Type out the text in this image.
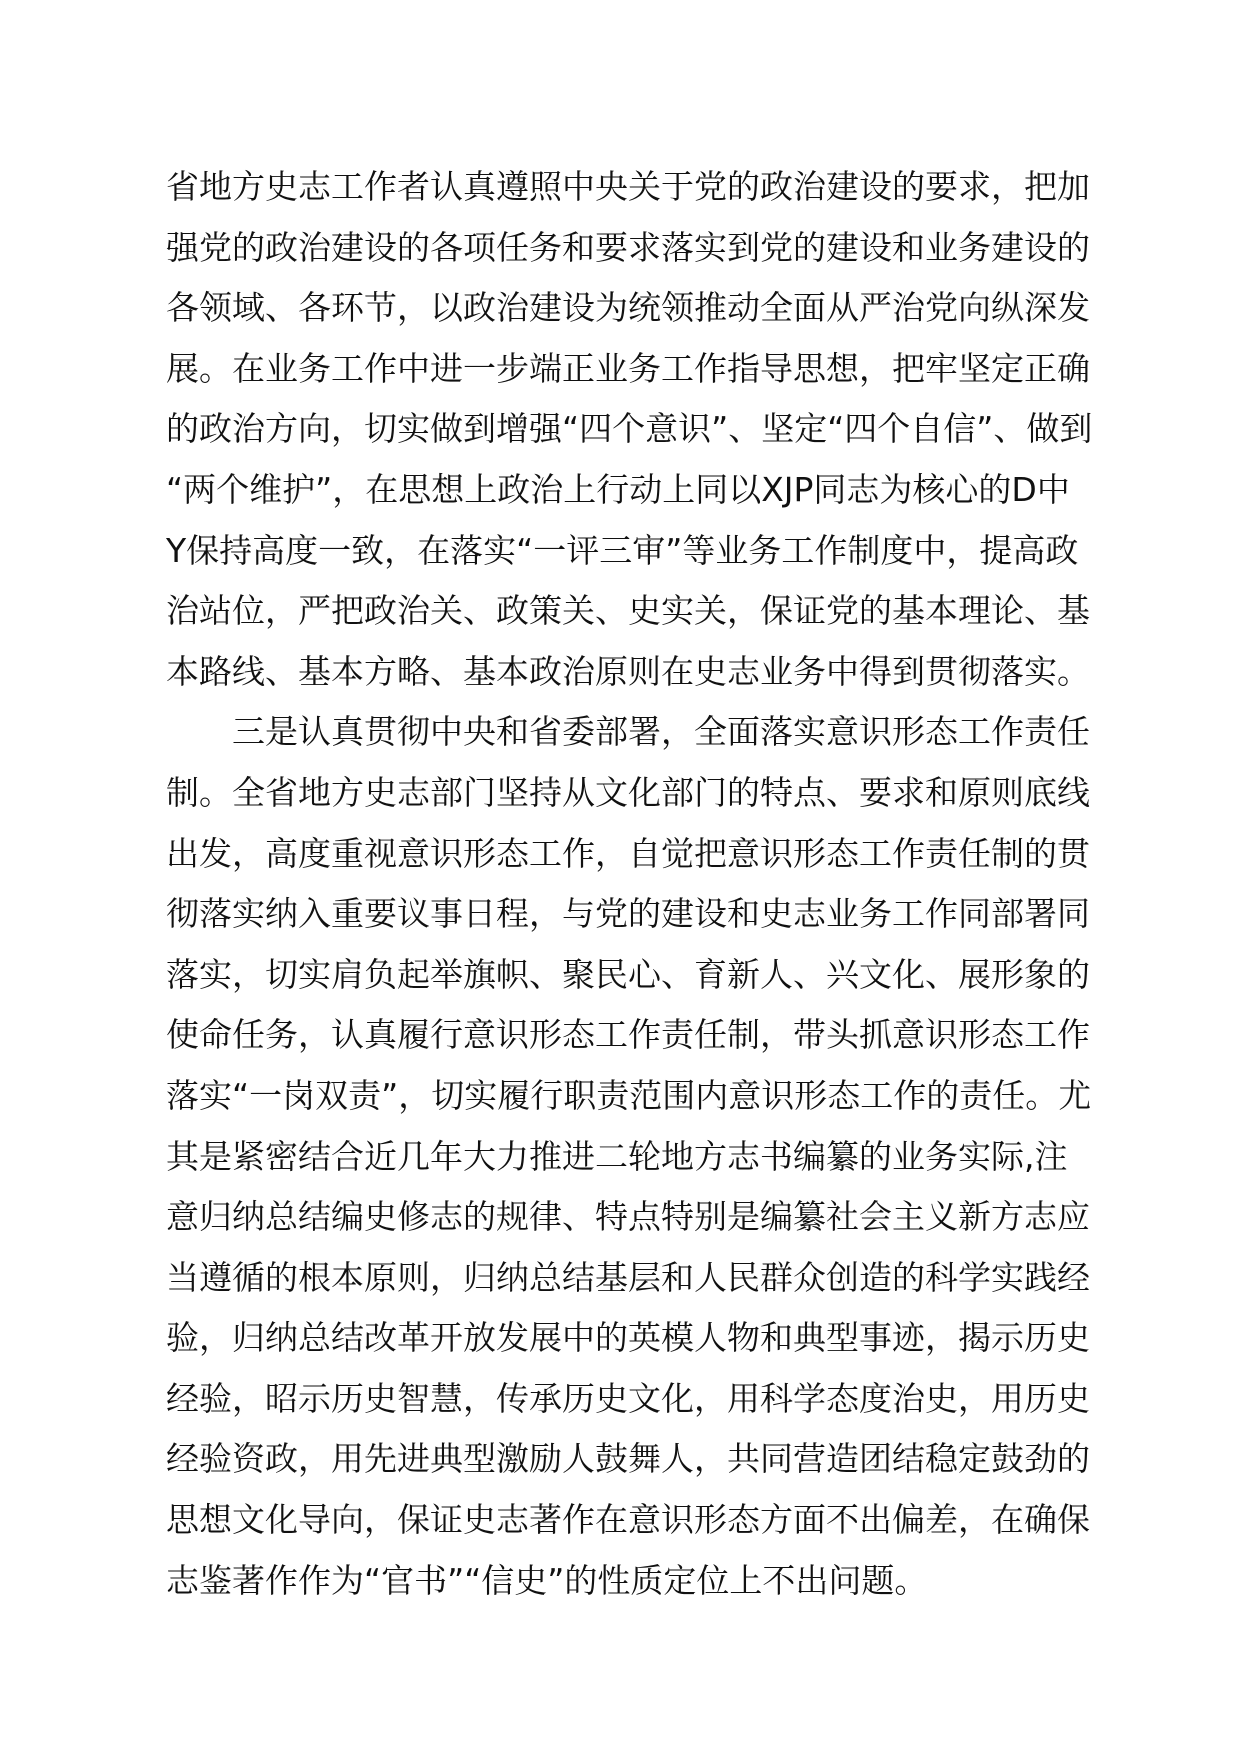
省地方史志工作者认真遵照中央关于党的政治建设的要求，把加
强党的政治建设的各项任务和要求落实到党的建设和业务建设的
各领域、各环节，以政治建设为统领推动全面从严治党向纵深发
展。在业务工作中进一步端正业务工作指导思想，把牢坚定正确
的政治方向，切实做到增强“四个意识”、坚定“四个自信”、做到
“两个维护”，在思想上政治上行动上同以XJP同志为核心的D中
Y保持高度一致，在落实“一评三审”等业务工作制度中，提高政
治站位，严把政治关、政策关、史实关，保证党的基本理论、基
本路线、基本方略、基本政治原则在史志业务中得到贯彻落实。
三是认真贯彻中央和省委部署，全面落实意识形态工作责任
制。全省地方史志部门坚持从文化部门的特点、要求和原则底线
出发，高度重视意识形态工作，自觉把意识形态工作责任制的贯
彻落实纳入重要议事日程，与党的建设和史志业务工作同部署同
落实，切实肩负起举旗帜、聚民心、育新人、兴文化、展形象的
使命任务，认真履行意识形态工作责任制，带头抓意识形态工作
落实“一岗双责”，切实履行职责范围内意识形态工作的责任。尤
其是紧密结合近几年大力推进二轮地方志书编纂的业务实际,注
意归纳总结编史修志的规律、特点特别是编纂社会主义新方志应
当遵循的根本原则，归纳总结基层和人民群众创造的科学实践经
验，归纳总结改革开放发展中的英模人物和典型事迹，揭示历史
经验，昭示历史智慧，传承历史文化，用科学态度治史，用历史
经验资政，用先进典型激励人鼓舞人，共同营造团结稳定鼓劲的
思想文化导向，保证史志著作在意识形态方面不出偏差，在确保
志鉴著作作为“官书”“信史”的性质定位上不出问题。
